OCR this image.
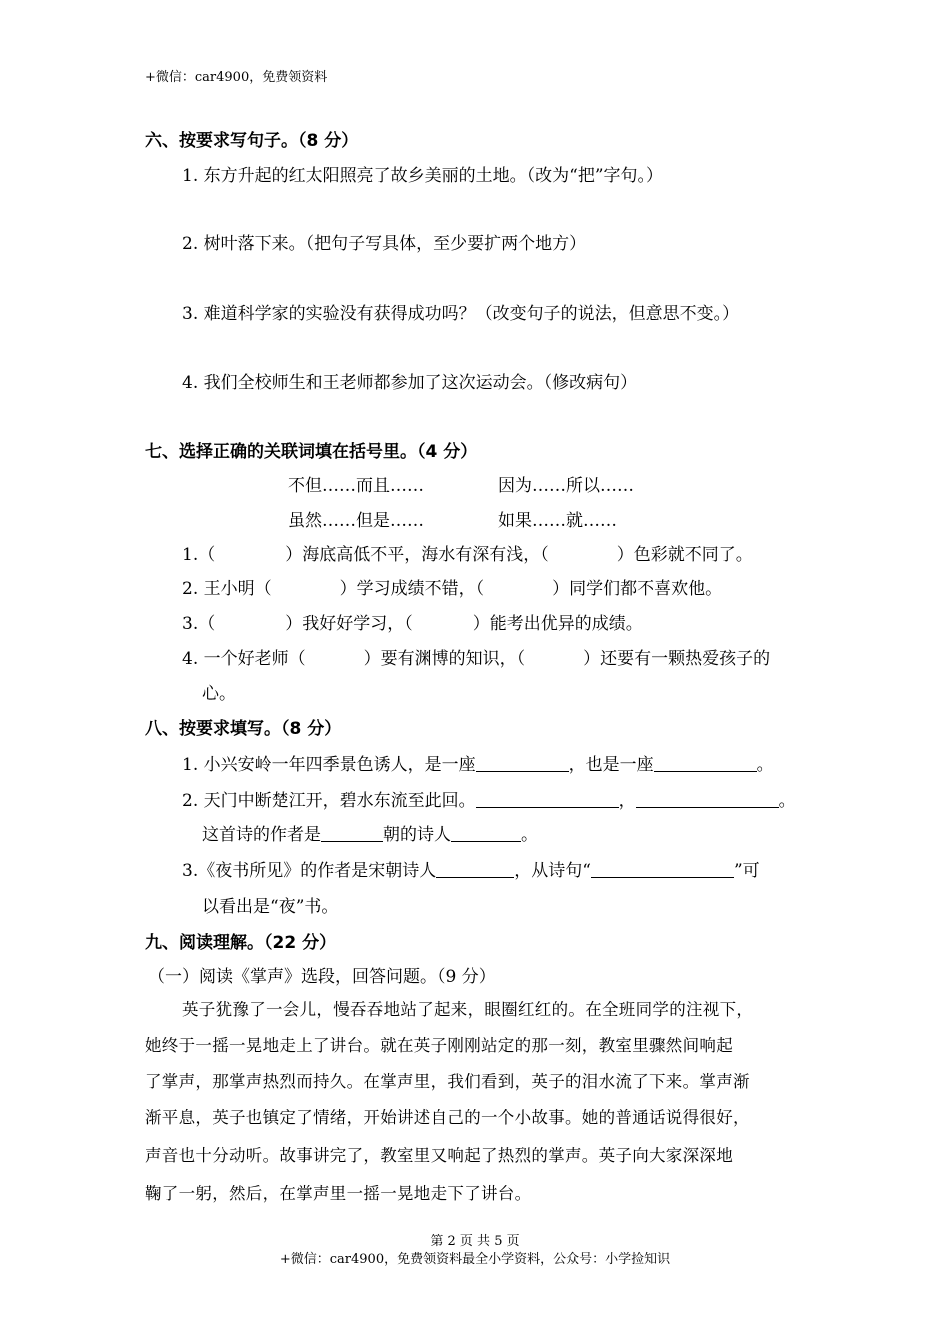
+微信：car4900，免费领资料
六、按要求写句子。（8 分）
1. 东方升起的红太阳照亮了故乡美丽的土地。（改为“把”字句。）
2. 树叶落下来。（把句子写具体，至少要扩两个地方）
3. 难道科学家的实验没有获得成功吗？（改变句子的说法，但意思不变。）
4. 我们全校师生和王老师都参加了这次运动会。（修改病句）
七、选择正确的关联词填在括号里。（4 分）
不但……而且……	因为……所以……
虽然……但是……	如果……就……
1.（	）海底高低不平，海水有深有浅，（	）色彩就不同了。
2. 王小明（	）学习成绩不错，（	）同学们都不喜欢他。
3.（	）我好好学习，（	）能考出优异的成绩。
4. 一个好老师（	）要有渊博的知识，（	）还要有一颗热爱孩子的
心。
八、按要求填写。（8 分）
1. 小兴安岭一年四季景色诱人，是一座	，也是一座	。
2. 天门中断楚江开，碧水东流至此回。	，	。
这首诗的作者是	朝的诗人	。
3.《夜书所见》的作者是宋朝诗人	，从诗句“	”可
以看出是“夜”书。
九、阅读理解。（22 分）
（一）阅读《掌声》选段，回答问题。（9 分）
英子犹豫了一会儿，慢吞吞地站了起来，眼圈红红的。在全班同学的注视下，
她终于一摇一晃地走上了讲台。就在英子刚刚站定的那一刻，教室里骤然间响起
了掌声，那掌声热烈而持久。在掌声里，我们看到，英子的泪水流了下来。掌声渐
渐平息，英子也镇定了情绪，开始讲述自己的一个小故事。她的普通话说得很好，
声音也十分动听。故事讲完了，教室里又响起了热烈的掌声。英子向大家深深地
鞠了一躬，然后，在掌声里一摇一晃地走下了讲台。
第 2 页 共 5 页
+微信：car4900，免费领资料最全小学资料，公众号：小学捡知识
